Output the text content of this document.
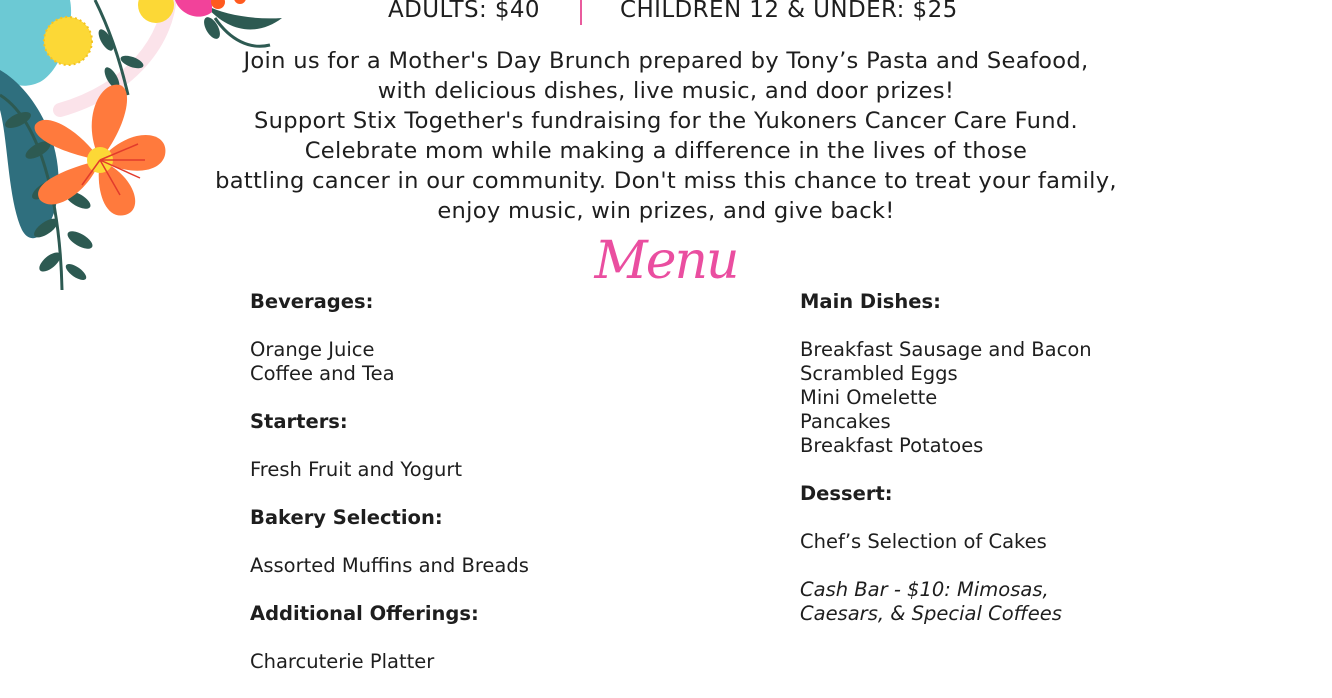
ADULTS: $40	CHILDREN 12 & UNDER: $25
Join us for a Mother's Day Brunch prepared by Tony’s Pasta and Seafood,
with delicious dishes, live music, and door prizes!
Support Stix Together's fundraising for the Yukoners Cancer Care Fund.
Celebrate mom while making a difference in the lives of those
battling cancer in our community. Don't miss this chance to treat your family,
enjoy music, win prizes, and give back!
Menu
Beverages:
Orange Juice
Coffee and Tea
Starters:
Fresh Fruit and Yogurt
Bakery Selection:
Assorted Muffins and Breads
Additional Offerings:
Charcuterie Platter
Main Dishes:
Breakfast Sausage and Bacon
Scrambled Eggs
Mini Omelette
Pancakes
Breakfast Potatoes
Dessert:
Chef’s Selection of Cakes
Cash Bar - $10: Mimosas,
Caesars, & Special Coffees
